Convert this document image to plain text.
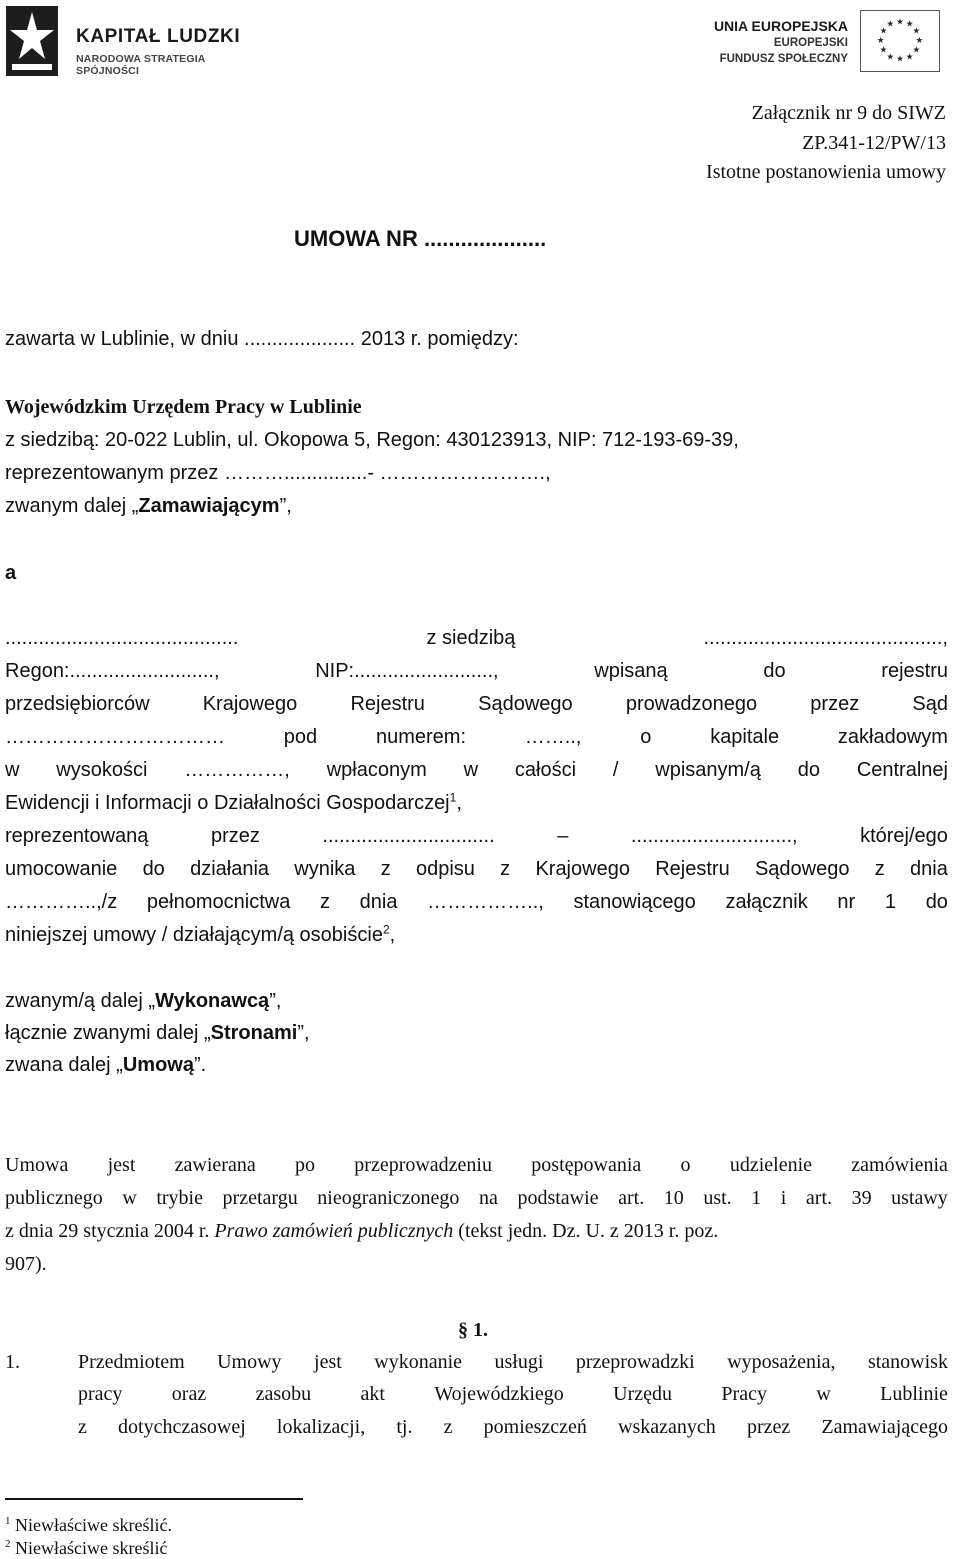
KAPITAŁ LUDZKI
NARODOWA STRATEGIA SPÓJNOŚCI
UNIA EUROPEJSKA
EUROPEJSKI
FUNDUSZ SPOŁECZNY
★ ★
★
★
★
★
★
★
★
★
★
★
Załącznik nr 9 do SIWZ
ZP.341-12/PW/13
Istotne postanowienia umowy
UMOWA NR ....................
zawarta w Lublinie, w dniu .................... 2013 r. pomiędzy:
Wojewódzkim Urzędem Pracy w Lublinie
z siedzibą: 20-022 Lublin, ul. Okopowa 5, Regon: 430123913, NIP: 712-193-69-39,
reprezentowanym przez ………...............- …………………….,
zwanym dalej „Zamawiającym”,
a
..........................................	z siedzibą	...........................................,
Regon:..........................,	NIP:.........................,	wpisaną	do	rejestru
przedsiębiorców	Krajowego	Rejestru	Sądowego	prowadzonego	przez	Sąd
……………………………	pod	numerem:	……..,	o	kapitale	zakładowym
w wysokości ……………, wpłaconym w całości / wpisanym/ą do Centralnej
Ewidencji i Informacji o Działalności Gospodarczej$^1$,
reprezentowaną	przez	...............................	–	.............................,	której/ego
umocowanie do działania wynika z odpisu z Krajowego Rejestru Sądowego z dnia
…………..,/z pełnomocnictwa z dnia …………….., stanowiącego załącznik nr 1 do
niniejszej umowy / działającym/ą osobiście$^2$,
zwanym/ą dalej „Wykonawcą”,
łącznie zwanymi dalej „Stronami”,
zwana dalej „Umową”.
Umowa jest zawierana po przeprowadzeniu postępowania o udzielenie zamówienia
publicznego w trybie przetargu nieograniczonego na podstawie art. 10 ust. 1 i art. 39 ustawy
z dnia 29 stycznia 2004 r. Prawo zamówień publicznych (tekst jedn. Dz. U. z 2013 r. poz.
907).
§ 1.
1.	Przedmiotem Umowy jest wykonanie usługi przeprowadzki wyposażenia, stanowisk
pracy oraz zasobu akt Wojewódzkiego Urzędu Pracy w Lublinie
z dotychczasowej lokalizacji, tj. z pomieszczeń wskazanych przez Zamawiającego
$^1$ Niewłaściwe skreślić.
$^2$ Niewłaściwe skreślić
